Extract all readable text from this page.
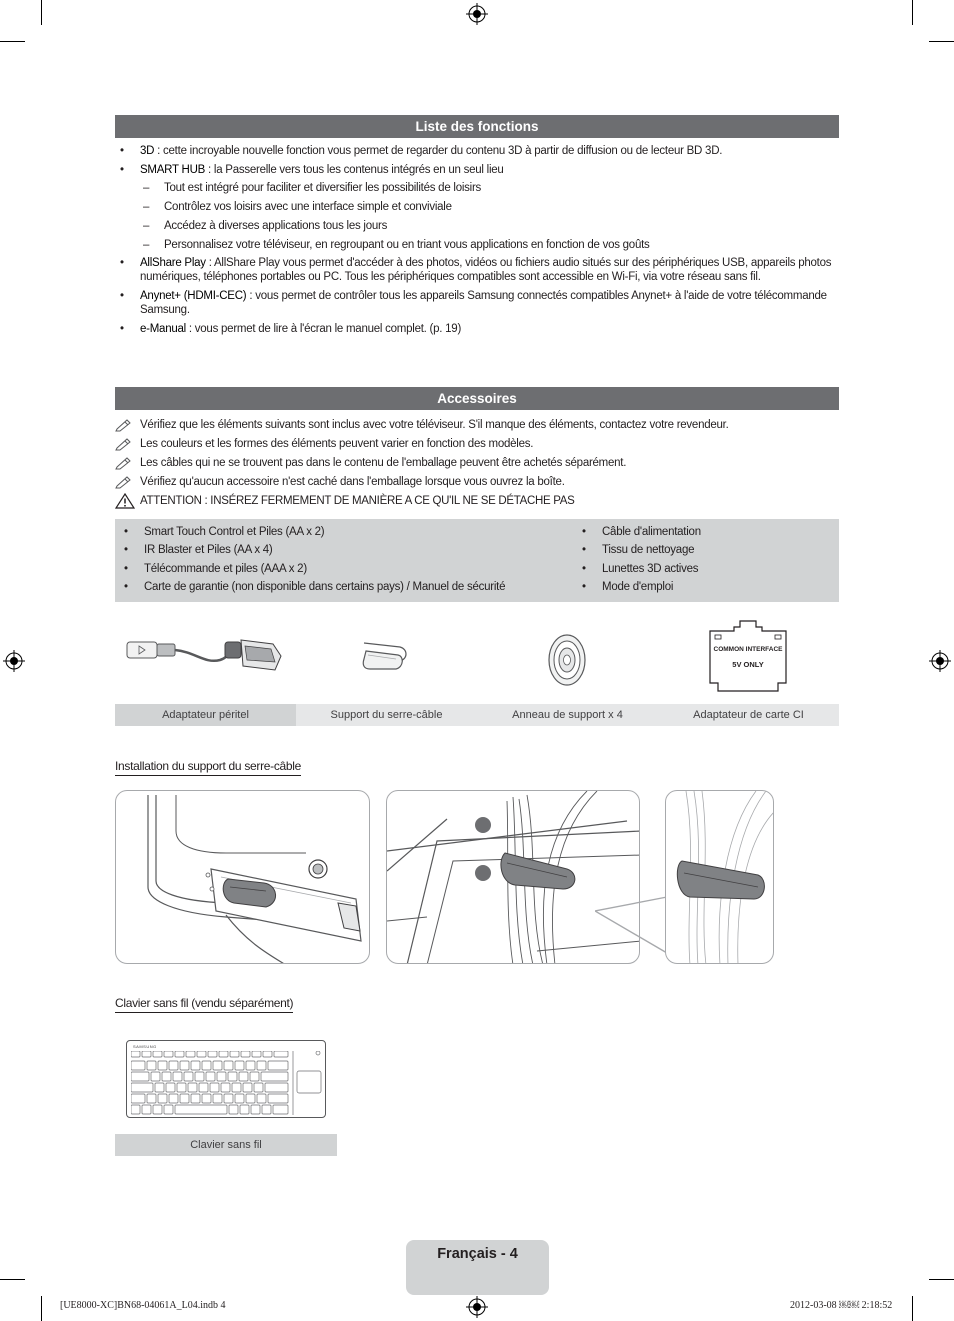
Liste des fonctions
• 3D : cette incroyable nouvelle fonction vous permet de regarder du contenu 3D à partir de diffusion ou de lecteur BD 3D.
• SMART HUB : la Passerelle vers tous les contenus intégrés en un seul lieu
– Tout est intégré pour faciliter et diversifier les possibilités de loisirs
– Contrôlez vos loisirs avec une interface simple et conviviale
– Accédez à diverses applications tous les jours
– Personnalisez votre téléviseur, en regroupant ou en triant vous applications en fonction de vos goûts
• AllShare Play : AllShare Play vous permet d'accéder à des photos, vidéos ou fichiers audio situés sur des périphériques USB, appareils photos numériques, téléphones portables ou PC. Tous les périphériques compatibles sont accessible en Wi-Fi, via votre réseau sans fil.
• Anynet+ (HDMI-CEC) : vous permet de contrôler tous les appareils Samsung connectés compatibles Anynet+ à l'aide de votre télécommande Samsung.
• e-Manual : vous permet de lire à l'écran le manuel complet. (p. 19)
Accessoires
Vérifiez que les éléments suivants sont inclus avec votre téléviseur. S'il manque des éléments, contactez votre revendeur.
Les couleurs et les formes des éléments peuvent varier en fonction des modèles.
Les câbles qui ne se trouvent pas dans le contenu de l'emballage peuvent être achetés séparément.
Vérifiez qu'aucun accessoire n'est caché dans l'emballage lorsque vous ouvrez la boîte.
ATTENTION : INSÉREZ FERMEMENT DE MANIÈRE A CE QU'IL NE SE DÉTACHE PAS
• Smart Touch Control et Piles (AA x 2)
• IR Blaster et Piles (AA x 4)
• Télécommande et piles (AAA x 2)
• Carte de garantie (non disponible dans certains pays) / Manuel de sécurité
• Câble d'alimentation
• Tissu de nettoyage
• Lunettes 3D actives
• Mode d'emploi
COMMON INTERFACE
5V ONLY
Adaptateur péritel	Support du serre-câble	Anneau de support x 4	Adaptateur de carte CI
Installation du support du serre-câble
Clavier sans fil (vendu séparément)
SAMSUNG
Clavier sans fil
Français - 4
[UE8000-XC]BN68-04061A_L04.indb 4	2012-03-08 ￼￼ 2:18:52
